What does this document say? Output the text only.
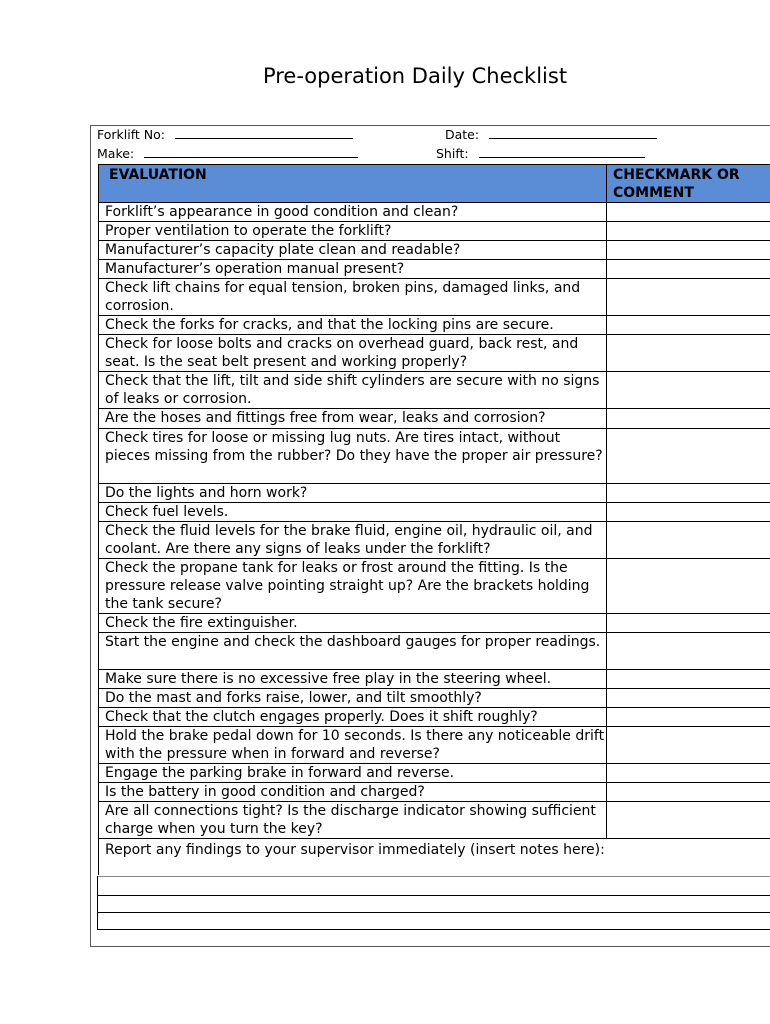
Pre-operation Daily Checklist
Forklift No:	Date:
Make:	Shift:
EVALUATION	CHECKMARK OR
COMMENT
Forklift’s appearance in good condition and clean?	
Proper ventilation to operate the forklift?	
Manufacturer’s capacity plate clean and readable?	
Manufacturer’s operation manual present?	
Check lift chains for equal tension, broken pins, damaged links, and corrosion.	
Check the forks for cracks, and that the locking pins are secure.	
Check for loose bolts and cracks on overhead guard, back rest, and seat. Is the seat belt present and working properly?	
Check that the lift, tilt and side shift cylinders are secure with no signs of leaks or corrosion.	
Are the hoses and fittings free from wear, leaks and corrosion?	
Check tires for loose or missing lug nuts. Are tires intact, without pieces missing from the rubber? Do they have the proper air pressure?	
Do the lights and horn work?	
Check fuel levels.	
Check the fluid levels for the brake fluid, engine oil, hydraulic oil, and coolant. Are there any signs of leaks under the forklift?	
Check the propane tank for leaks or frost around the fitting. Is the pressure release valve pointing straight up? Are the brackets holding the tank secure?	
Check the fire extinguisher.	
Start the engine and check the dashboard gauges for proper readings.	
Make sure there is no excessive free play in the steering wheel.	
Do the mast and forks raise, lower, and tilt smoothly?	
Check that the clutch engages properly. Does it shift roughly?	
Hold the brake pedal down for 10 seconds. Is there any noticeable drift with the pressure when in forward and reverse?	
Engage the parking brake in forward and reverse.	
Is the battery in good condition and charged?	
Are all connections tight? Is the discharge indicator showing sufficient charge when you turn the key?	
Report any findings to your supervisor immediately (insert notes here):	
